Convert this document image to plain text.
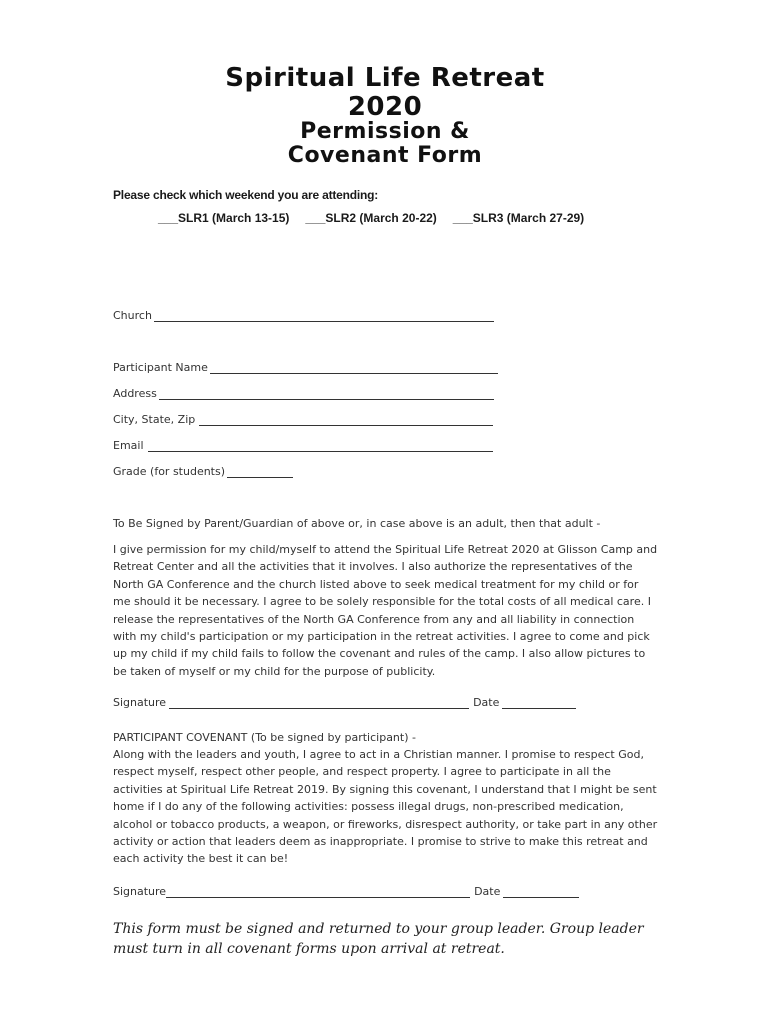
Spiritual Life Retreat
2020
Permission &
Covenant Form
Please check which weekend you are attending:
___SLR1 (March 13-15) ___SLR2 (March 20-22) ___SLR3 (March 27-29)
Church
Participant Name
Address
City, State, Zip
Email
Grade (for students)

To Be Signed by Parent/Guardian of above or, in case above is an adult, then that adult -

I give permission for my child/myself to attend the Spiritual Life Retreat 2020 at Glisson Camp and Retreat Center and all the activities that it involves. I also authorize the representatives of the North GA Conference and the church listed above to seek medical treatment for my child or for me should it be necessary. I agree to be solely responsible for the total costs of all medical care. I release the representatives of the North GA Conference from any and all liability in connection with my child's participation or my participation in the retreat activities. I agree to come and pick up my child if my child fails to follow the covenant and rules of the camp. I also allow pictures to be taken of myself or my child for the purpose of publicity.

Signature	Date

PARTICIPANT COVENANT (To be signed by participant) -

Along with the leaders and youth, I agree to act in a Christian manner. I promise to respect God, respect myself, respect other people, and respect property. I agree to participate in all the activities at Spiritual Life Retreat 2019. By signing this covenant, I understand that I might be sent home if I do any of the following activities: possess illegal drugs, non-prescribed medication, alcohol or tobacco products, a weapon, or fireworks, disrespect authority, or take part in any other activity or action that leaders deem as inappropriate. I promise to strive to make this retreat and each activity the best it can be!

Signature	Date

This form must be signed and returned to your group leader. Group leader must turn in all covenant forms upon arrival at retreat.
